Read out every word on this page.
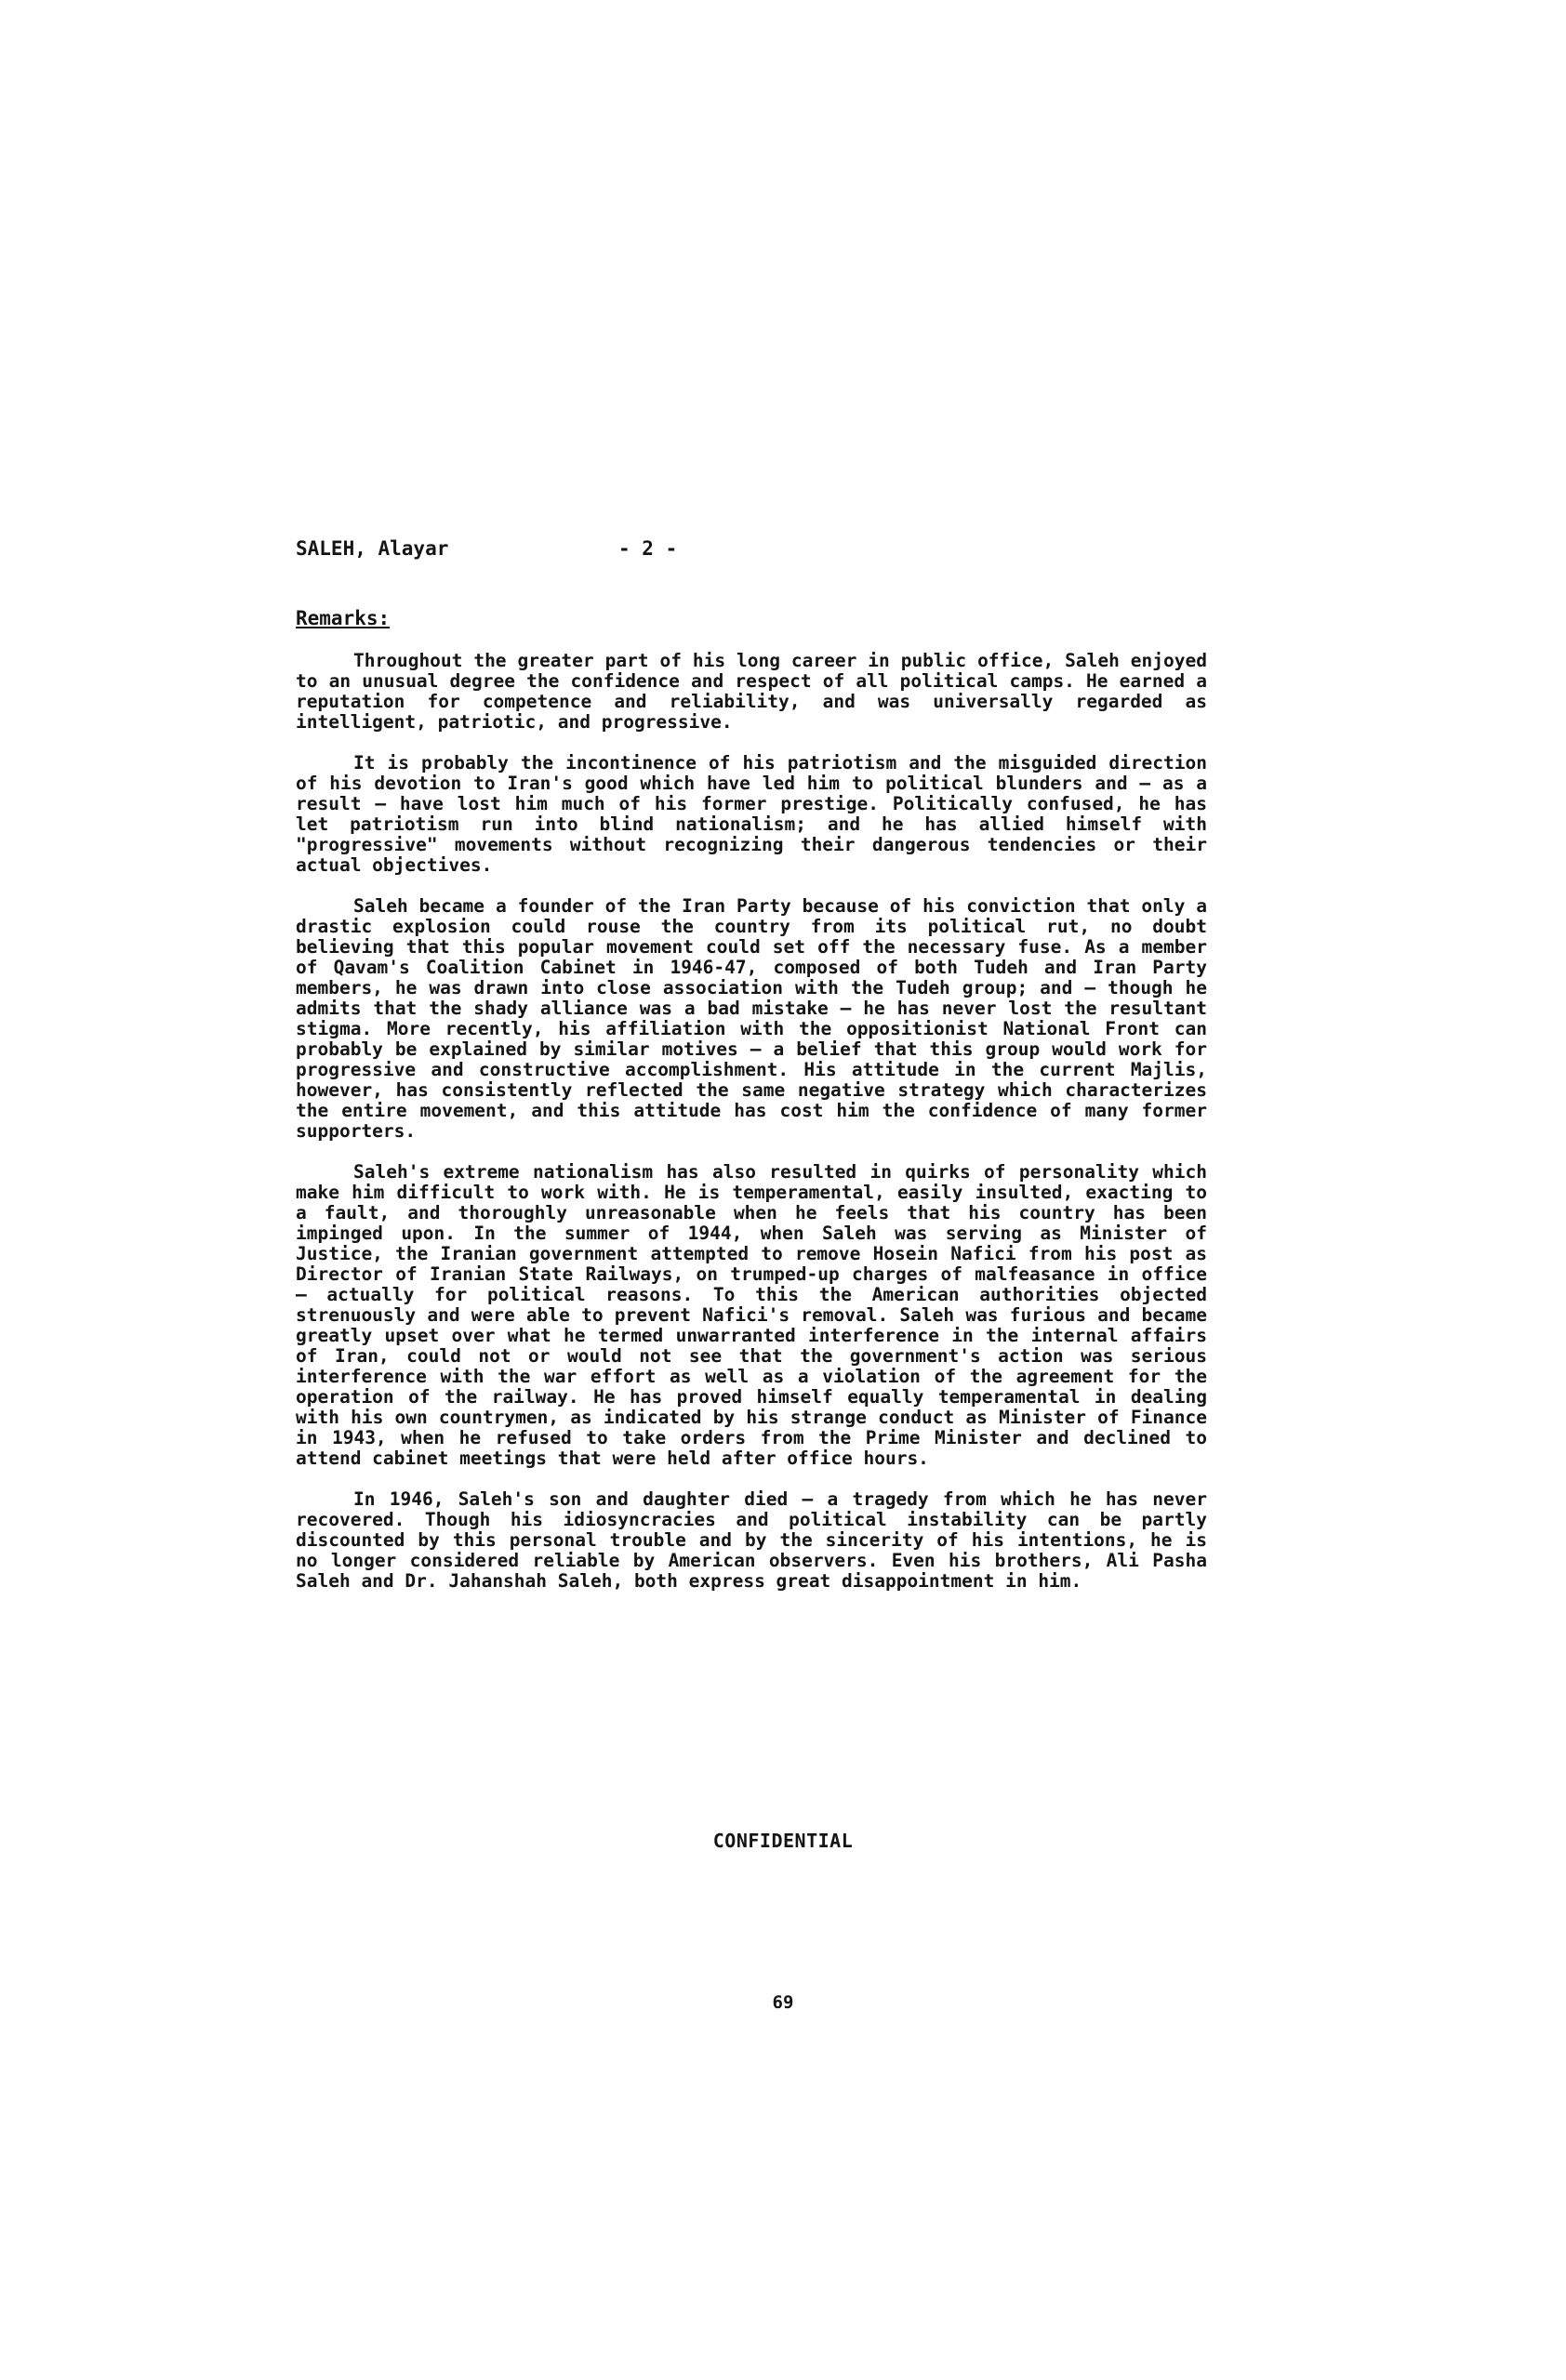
SALEH, Alayar	- 2 -
Remarks:

Throughout the greater part of his long career in public office, Saleh enjoyed to an unusual degree the confidence and respect of all political camps. He earned a reputation for competence and reliability, and was universally regarded as intelligent, patriotic, and progressive.

It is probably the incontinence of his patriotism and the misguided direction of his devotion to Iran's good which have led him to political blunders and — as a result — have lost him much of his former prestige. Politically confused, he has let patriotism run into blind nationalism; and he has allied himself with "progressive" movements without recognizing their dangerous tendencies or their actual objectives.

Saleh became a founder of the Iran Party because of his conviction that only a drastic explosion could rouse the country from its political rut, no doubt believing that this popular movement could set off the necessary fuse. As a member of Qavam's Coalition Cabinet in 1946-47, composed of both Tudeh and Iran Party members, he was drawn into close association with the Tudeh group; and — though he admits that the shady alliance was a bad mistake — he has never lost the resultant stigma. More recently, his affiliation with the oppositionist National Front can probably be explained by similar motives — a belief that this group would work for progressive and constructive accomplishment. His attitude in the current Majlis, however, has consistently reflected the same negative strategy which characterizes the entire movement, and this attitude has cost him the confidence of many former supporters.

Saleh's extreme nationalism has also resulted in quirks of personality which make him difficult to work with. He is temperamental, easily insulted, exacting to a fault, and thoroughly unreasonable when he feels that his country has been impinged upon. In the summer of 1944, when Saleh was serving as Minister of Justice, the Iranian government attempted to remove Hosein Nafici from his post as Director of Iranian State Railways, on trumped-up charges of malfeasance in office — actually for political reasons. To this the American authorities objected strenuously and were able to prevent Nafici's removal. Saleh was furious and became greatly upset over what he termed unwarranted interference in the internal affairs of Iran, could not or would not see that the government's action was serious interference with the war effort as well as a violation of the agreement for the operation of the railway. He has proved himself equally temperamental in dealing with his own countrymen, as indicated by his strange conduct as Minister of Finance in 1943, when he refused to take orders from the Prime Minister and declined to attend cabinet meetings that were held after office hours.

In 1946, Saleh's son and daughter died — a tragedy from which he has never recovered. Though his idiosyncracies and political instability can be partly discounted by this personal trouble and by the sincerity of his intentions, he is no longer considered reliable by American observers. Even his brothers, Ali Pasha Saleh and Dr. Jahanshah Saleh, both express great disappointment in him.

CONFIDENTIAL
69
